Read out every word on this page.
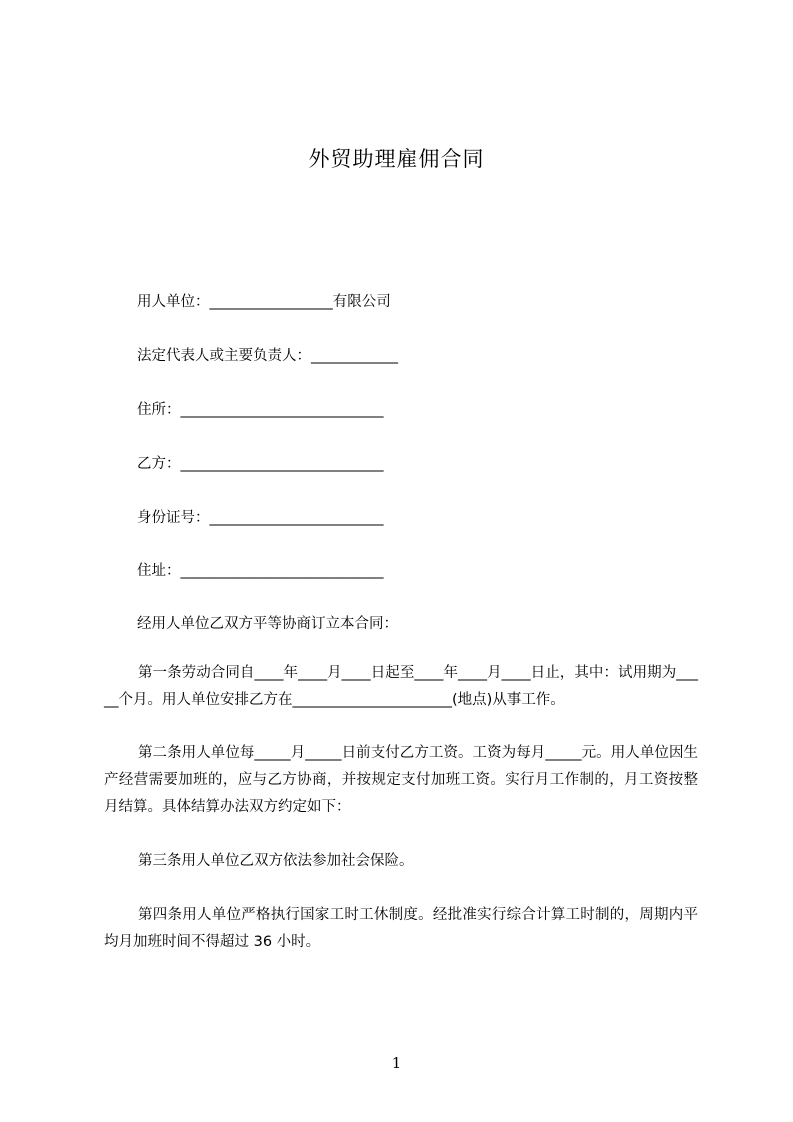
外贸助理雇佣合同
用人单位：_________________有限公司
法定代表人或主要负责人：____________
住所：____________________________
乙方：____________________________
身份证号：________________________
住址：____________________________
经用人单位乙双方平等协商订立本合同：
第一条劳动合同自____年____月____日起至____年____月____日止，其中：试用期为_____个月。用人单位安排乙方在______________________(地点)从事工作。
第二条用人单位每_____月_____日前支付乙方工资。工资为每月_____元。用人单位因生产经营需要加班的，应与乙方协商，并按规定支付加班工资。实行月工作制的，月工资按整月结算。具体结算办法双方约定如下：
第三条用人单位乙双方依法参加社会保险。
第四条用人单位严格执行国家工时工休制度。经批准实行综合计算工时制的，周期内平均月加班时间不得超过 36 小时。
1
